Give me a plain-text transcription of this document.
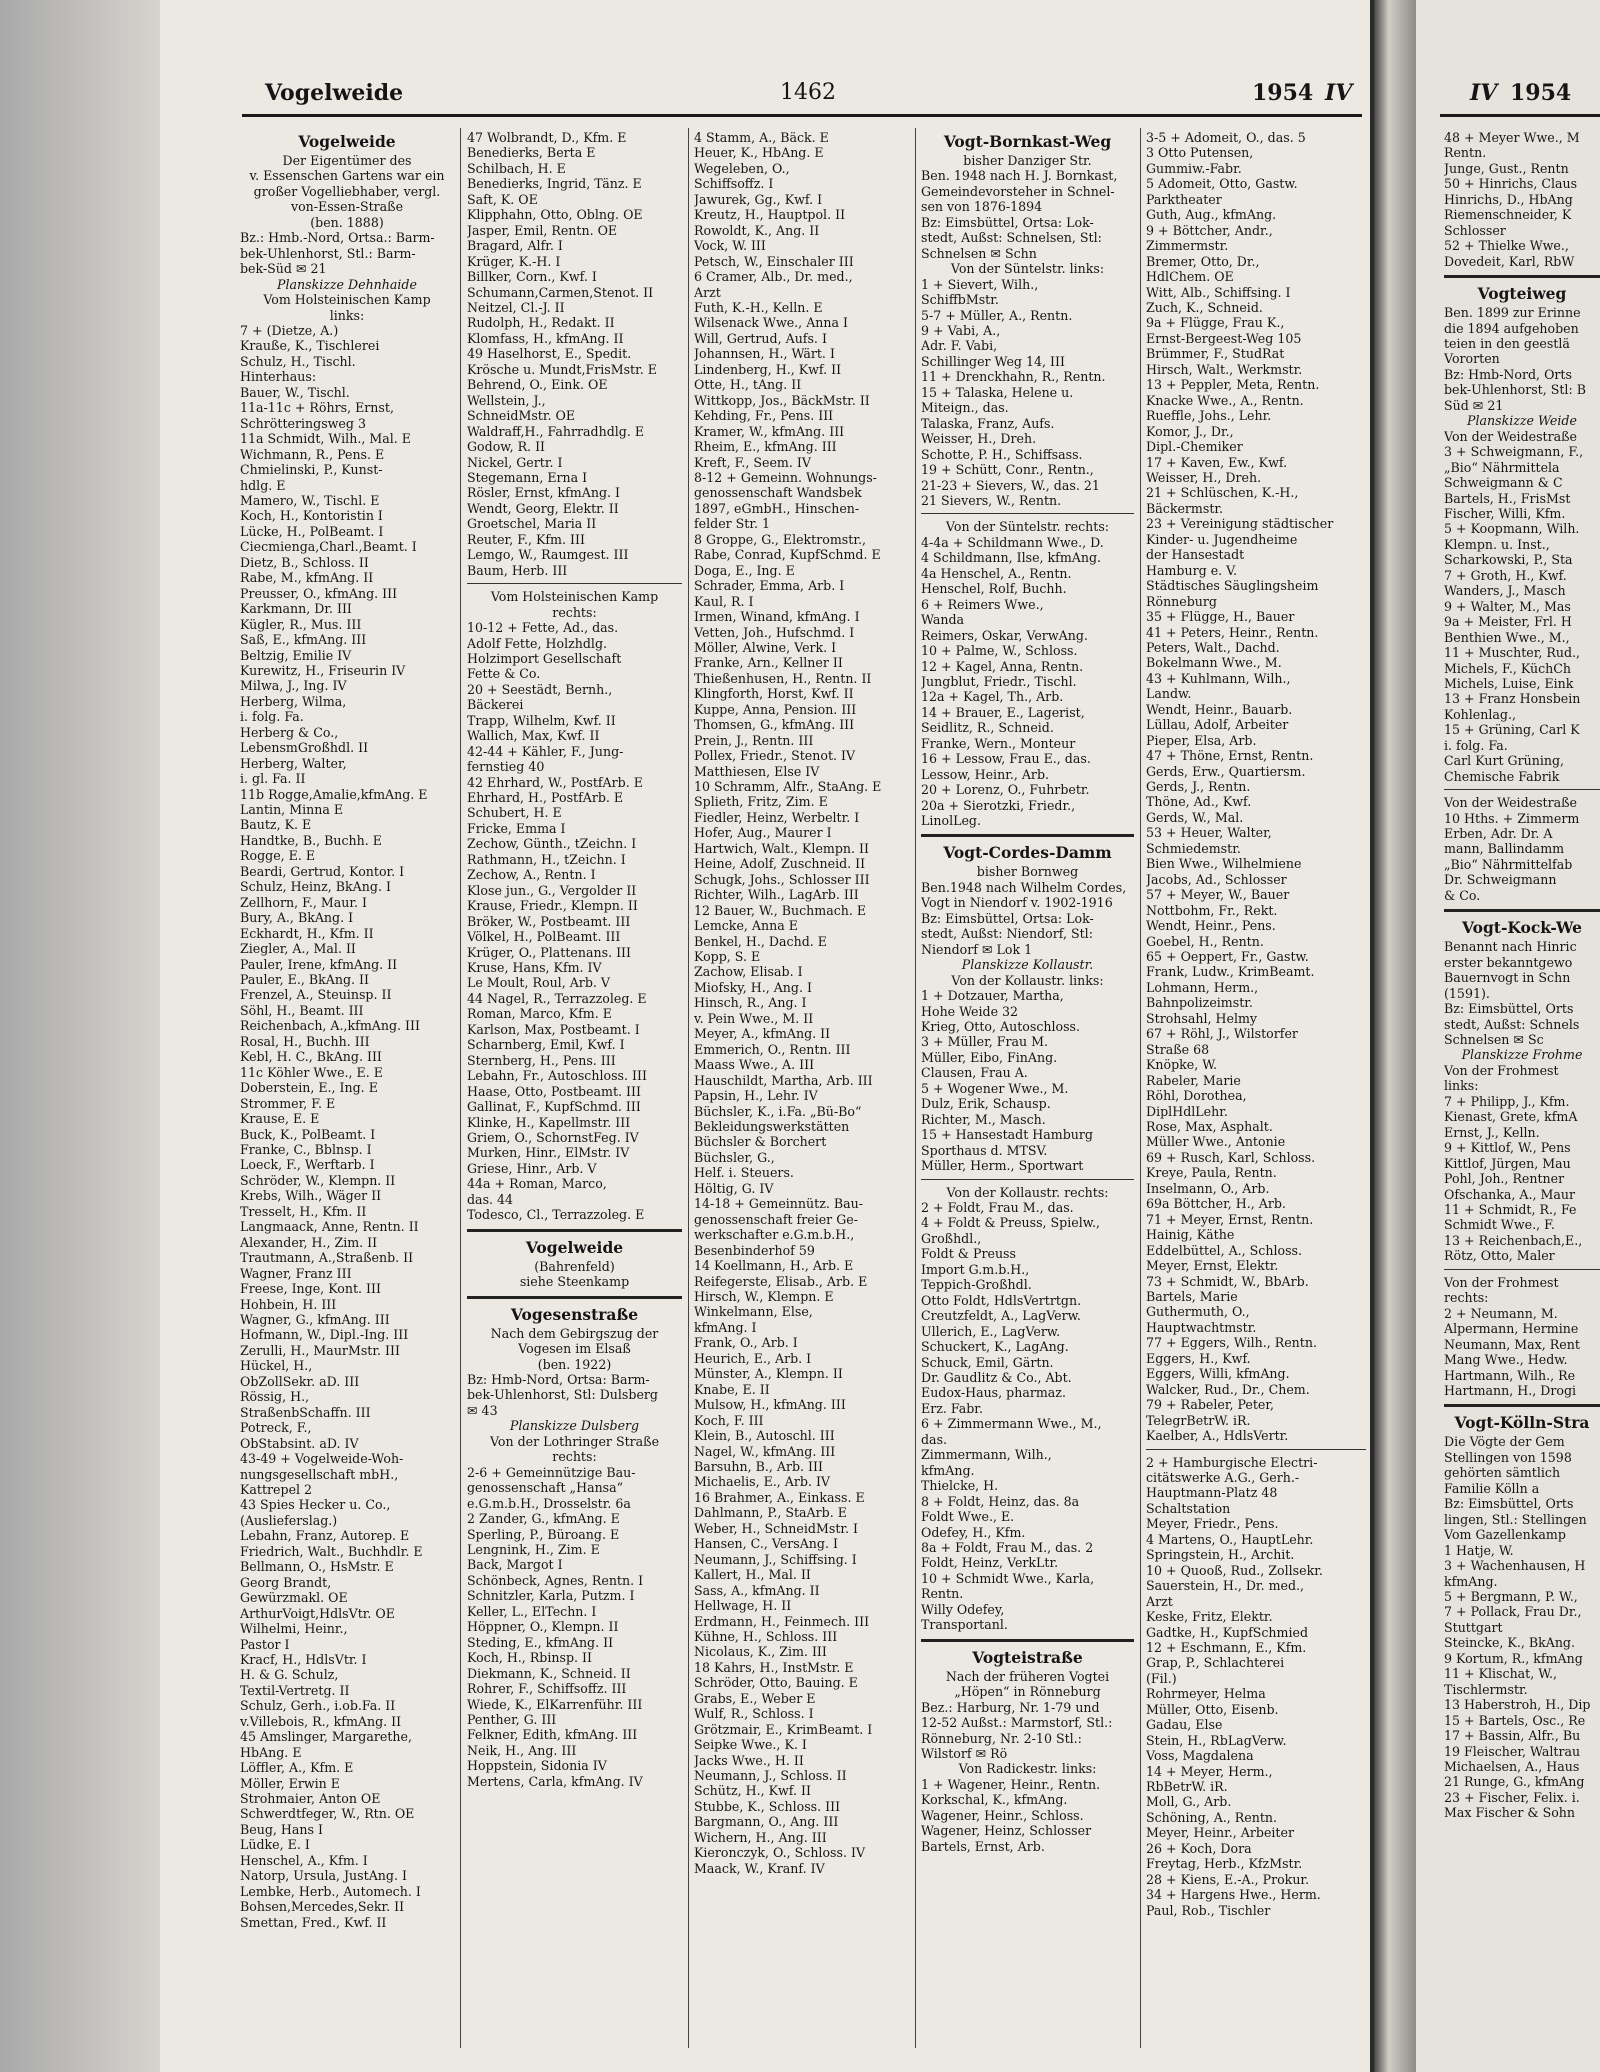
Vogelweide	1462	1954 IV	IV 1954
Vogelweide
Der Eigentümer des
v. Essenschen Gartens war ein
großer Vogelliebhaber, vergl.
von-Essen-Straße
(ben. 1888)
Bz.: Hmb.-Nord, Ortsa.: Barm-
bek-Uhlenhorst, Stl.: Barm-
bek-Süd ✉ 21
Planskizze Dehnhaide
Vom Holsteinischen Kamp
links:
7 + (Dietze, A.)
Krauße, K., Tischlerei
Schulz, H., Tischl.
Hinterhaus:
Bauer, W., Tischl.
11a-11c + Röhrs, Ernst,
Schrötteringsweg 3
11a Schmidt, Wilh., Mal. E
Wichmann, R., Pens. E
Chmielinski, P., Kunst-
hdlg. E
Mamero, W., Tischl. E
Koch, H., Kontoristin I
Lücke, H., PolBeamt. I
Ciecmienga,Charl.,Beamt. I
Dietz, B., Schloss. II
Rabe, M., kfmAng. II
Preusser, O., kfmAng. III
Karkmann, Dr. III
Kügler, R., Mus. III
Saß, E., kfmAng. III
Beltzig, Emilie IV
Kurewitz, H., Friseurin IV
Milwa, J., Ing. IV
Herberg, Wilma,
i. folg. Fa.
Herberg & Co.,
LebensmGroßhdl. II
Herberg, Walter,
i. gl. Fa. II
11b Rogge,Amalie,kfmAng. E
Lantin, Minna E
Bautz, K. E
Handtke, B., Buchh. E
Rogge, E. E
Beardi, Gertrud, Kontor. I
Schulz, Heinz, BkAng. I
Zellhorn, F., Maur. I
Bury, A., BkAng. I
Eckhardt, H., Kfm. II
Ziegler, A., Mal. II
Pauler, Irene, kfmAng. II
Pauler, E., BkAng. II
Frenzel, A., Steuinsp. II
Söhl, H., Beamt. III
Reichenbach, A.,kfmAng. III
Rosal, H., Buchh. III
Kebl, H. C., BkAng. III
11c Köhler Wwe., E. E
Doberstein, E., Ing. E
Strommer, F. E
Krause, E. E
Buck, K., PolBeamt. I
Franke, C., Bblnsp. I
Loeck, F., Werftarb. I
Schröder, W., Klempn. II
Krebs, Wilh., Wäger II
Tresselt, H., Kfm. II
Langmaack, Anne, Rentn. II
Alexander, H., Zim. II
Trautmann, A.,Straßenb. II
Wagner, Franz III
Freese, Inge, Kont. III
Hohbein, H. III
Wagner, G., kfmAng. III
Hofmann, W., Dipl.-Ing. III
Zerulli, H., MaurMstr. III
Hückel, H.,
ObZollSekr. aD. III
Rössig, H.,
StraßenbSchaffn. III
Potreck, F.,
ObStabsint. aD. IV
43-49 + Vogelweide-Woh-
nungsgesellschaft mbH.,
Kattrepel 2
43 Spies Hecker u. Co.,
(Auslieferslag.)
Lebahn, Franz, Autorep. E
Friedrich, Walt., Buchhdlr. E
Bellmann, O., HsMstr. E
Georg Brandt,
Gewürzmakl. OE
ArthurVoigt,HdlsVtr. OE
Wilhelmi, Heinr.,
Pastor I
Kracf, H., HdlsVtr. I
H. & G. Schulz,
Textil-Vertretg. II
Schulz, Gerh., i.ob.Fa. II
v.Villebois, R., kfmAng. II
45 Amslinger, Margarethe,
HbAng. E
Löffler, A., Kfm. E
Möller, Erwin E
Strohmaier, Anton OE
Schwerdtfeger, W., Rtn. OE
Beug, Hans I
Lüdke, E. I
Henschel, A., Kfm. I
Natorp, Ursula, JustAng. I
Lembke, Herb., Automech. I
Bohsen,Mercedes,Sekr. II
Smettan, Fred., Kwf. II
47 Wolbrandt, D., Kfm. E
Benedierks, Berta E
Schilbach, H. E
Benedierks, Ingrid, Tänz. E
Saft, K. OE
Klipphahn, Otto, Oblng. OE
Jasper, Emil, Rentn. OE
Bragard, Alfr. I
Krüger, K.-H. I
Billker, Corn., Kwf. I
Schumann,Carmen,Stenot. II
Neitzel, Cl.-J. II
Rudolph, H., Redakt. II
Klomfass, H., kfmAng. II
49 Haselhorst, E., Spedit.
Krösche u. Mundt,FrisMstr. E
Behrend, O., Eink. OE
Wellstein, J.,
SchneidMstr. OE
Waldraff,H., Fahrradhdlg. E
Godow, R. II
Nickel, Gertr. I
Stegemann, Erna I
Rösler, Ernst, kfmAng. I
Wendt, Georg, Elektr. II
Groetschel, Maria II
Reuter, F., Kfm. III
Lemgo, W., Raumgest. III
Baum, Herb. III
Vom Holsteinischen Kamp
rechts:
10-12 + Fette, Ad., das.
Adolf Fette, Holzhdlg.
Holzimport Gesellschaft
Fette & Co.
20 + Seestädt, Bernh.,
Bäckerei
Trapp, Wilhelm, Kwf. II
Wallich, Max, Kwf. II
42-44 + Kähler, F., Jung-
fernstieg 40
42 Ehrhard, W., PostfArb. E
Ehrhard, H., PostfArb. E
Schubert, H. E
Fricke, Emma I
Zechow, Günth., tZeichn. I
Rathmann, H., tZeichn. I
Zechow, A., Rentn. I
Klose jun., G., Vergolder II
Krause, Friedr., Klempn. II
Bröker, W., Postbeamt. III
Völkel, H., PolBeamt. III
Krüger, O., Plattenans. III
Kruse, Hans, Kfm. IV
Le Moult, Roul, Arb. V
44 Nagel, R., Terrazzoleg. E
Roman, Marco, Kfm. E
Karlson, Max, Postbeamt. I
Scharnberg, Emil, Kwf. I
Sternberg, H., Pens. III
Lebahn, Fr., Autoschloss. III
Haase, Otto, Postbeamt. III
Gallinat, F., KupfSchmd. III
Klinke, H., Kapellmstr. III
Griem, O., SchornstFeg. IV
Murken, Hinr., ElMstr. IV
Griese, Hinr., Arb. V
44a + Roman, Marco,
das. 44
Todesco, Cl., Terrazzoleg. E
Vogelweide
(Bahrenfeld)
siehe Steenkamp
Vogesenstraße
Nach dem Gebirgszug der
Vogesen im Elsaß
(ben. 1922)
Bz: Hmb-Nord, Ortsa: Barm-
bek-Uhlenhorst, Stl: Dulsberg
✉ 43
Planskizze Dulsberg
Von der Lothringer Straße
rechts:
2-6 + Gemeinnützige Bau-
genossenschaft „Hansa“
e.G.m.b.H., Drosselstr. 6a
2 Zander, G., kfmAng. E
Sperling, P., Büroang. E
Lengnink, H., Zim. E
Back, Margot I
Schönbeck, Agnes, Rentn. I
Schnitzler, Karla, Putzm. I
Keller, L., ElTechn. I
Höppner, O., Klempn. II
Steding, E., kfmAng. II
Koch, H., Rbinsp. II
Diekmann, K., Schneid. II
Rohrer, F., Schiffsoffz. III
Wiede, K., ElKarrenführ. III
Penther, G. III
Felkner, Edith, kfmAng. III
Neik, H., Ang. III
Hoppstein, Sidonia IV
Mertens, Carla, kfmAng. IV
4 Stamm, A., Bäck. E
Heuer, K., HbAng. E
Wegeleben, O.,
Schiffsoffz. I
Jawurek, Gg., Kwf. I
Kreutz, H., Hauptpol. II
Rowoldt, K., Ang. II
Vock, W. III
Petsch, W., Einschaler III
6 Cramer, Alb., Dr. med.,
Arzt
Futh, K.-H., Kelln. E
Wilsenack Wwe., Anna I
Will, Gertrud, Aufs. I
Johannsen, H., Wärt. I
Lindenberg, H., Kwf. II
Otte, H., tAng. II
Wittkopp, Jos., BäckMstr. II
Kehding, Fr., Pens. III
Kramer, W., kfmAng. III
Rheim, E., kfmAng. III
Kreft, F., Seem. IV
8-12 + Gemeinn. Wohnungs-
genossenschaft Wandsbek
1897, eGmbH., Hinschen-
felder Str. 1
8 Groppe, G., Elektromstr.,
Rabe, Conrad, KupfSchmd. E
Doga, E., Ing. E
Schrader, Emma, Arb. I
Kaul, R. I
Irmen, Winand, kfmAng. I
Vetten, Joh., Hufschmd. I
Möller, Alwine, Verk. I
Franke, Arn., Kellner II
Thießenhusen, H., Rentn. II
Klingforth, Horst, Kwf. II
Kuppe, Anna, Pension. III
Thomsen, G., kfmAng. III
Prein, J., Rentn. III
Pollex, Friedr., Stenot. IV
Matthiesen, Else IV
10 Schramm, Alfr., StaAng. E
Splieth, Fritz, Zim. E
Fiedler, Heinz, Werbeltr. I
Hofer, Aug., Maurer I
Hartwich, Walt., Klempn. II
Heine, Adolf, Zuschneid. II
Schugk, Johs., Schlosser III
Richter, Wilh., LagArb. III
12 Bauer, W., Buchmach. E
Lemcke, Anna E
Benkel, H., Dachd. E
Kopp, S. E
Zachow, Elisab. I
Miofsky, H., Ang. I
Hinsch, R., Ang. I
v. Pein Wwe., M. II
Meyer, A., kfmAng. II
Emmerich, O., Rentn. III
Maass Wwe., A. III
Hauschildt, Martha, Arb. III
Papsin, H., Lehr. IV
Büchsler, K., i.Fa. „Bü-Bo“
Bekleidungswerkstätten
Büchsler & Borchert
Büchsler, G.,
Helf. i. Steuers.
Höltig, G. IV
14-18 + Gemeinnütz. Bau-
genossenschaft freier Ge-
werkschafter e.G.m.b.H.,
Besenbinderhof 59
14 Koellmann, H., Arb. E
Reifegerste, Elisab., Arb. E
Hirsch, W., Klempn. E
Winkelmann, Else,
kfmAng. I
Frank, O., Arb. I
Heurich, E., Arb. I
Münster, A., Klempn. II
Knabe, E. II
Mulsow, H., kfmAng. III
Koch, F. III
Klein, B., Autoschl. III
Nagel, W., kfmAng. III
Barsuhn, B., Arb. III
Michaelis, E., Arb. IV
16 Brahmer, A., Einkass. E
Dahlmann, P., StaArb. E
Weber, H., SchneidMstr. I
Hansen, C., VersAng. I
Neumann, J., Schiffsing. I
Kallert, H., Mal. II
Sass, A., kfmAng. II
Hellwage, H. II
Erdmann, H., Feinmech. III
Kühne, H., Schloss. III
Nicolaus, K., Zim. III
18 Kahrs, H., InstMstr. E
Schröder, Otto, Bauing. E
Grabs, E., Weber E
Wulf, R., Schloss. I
Grötzmair, E., KrimBeamt. I
Seipke Wwe., K. I
Jacks Wwe., H. II
Neumann, J., Schloss. II
Schütz, H., Kwf. II
Stubbe, K., Schloss. III
Bargmann, O., Ang. III
Wichern, H., Ang. III
Kieronczyk, O., Schloss. IV
Maack, W., Kranf. IV
Vogt-Bornkast-Weg
bisher Danziger Str.
Ben. 1948 nach H. J. Bornkast,
Gemeindevorsteher in Schnel-
sen von 1876-1894
Bz: Eimsbüttel, Ortsa: Lok-
stedt, Außst: Schnelsen, Stl:
Schnelsen ✉ Schn
Von der Süntelstr. links:
1 + Sievert, Wilh.,
SchiffbMstr.
5-7 + Müller, A., Rentn.
9 + Vabi, A.,
Adr. F. Vabi,
Schillinger Weg 14, III
11 + Drenckhahn, R., Rentn.
15 + Talaska, Helene u.
Miteign., das.
Talaska, Franz, Aufs.
Weisser, H., Dreh.
Schotte, P. H., Schiffsass.
19 + Schütt, Conr., Rentn.,
21-23 + Sievers, W., das. 21
21 Sievers, W., Rentn.
Von der Süntelstr. rechts:
4-4a + Schildmann Wwe., D.
4 Schildmann, Ilse, kfmAng.
4a Henschel, A., Rentn.
Henschel, Rolf, Buchh.
6 + Reimers Wwe.,
Wanda
Reimers, Oskar, VerwAng.
10 + Palme, W., Schloss.
12 + Kagel, Anna, Rentn.
Jungblut, Friedr., Tischl.
12a + Kagel, Th., Arb.
14 + Brauer, E., Lagerist,
Seidlitz, R., Schneid.
Franke, Wern., Monteur
16 + Lessow, Frau E., das.
Lessow, Heinr., Arb.
20 + Lorenz, O., Fuhrbetr.
20a + Sierotzki, Friedr.,
LinolLeg.
Vogt-Cordes-Damm
bisher Bornweg
Ben.1948 nach Wilhelm Cordes,
Vogt in Niendorf v. 1902-1916
Bz: Eimsbüttel, Ortsa: Lok-
stedt, Außst: Niendorf, Stl:
Niendorf ✉ Lok 1
Planskizze Kollaustr.
Von der Kollaustr. links:
1 + Dotzauer, Martha,
Hohe Weide 32
Krieg, Otto, Autoschloss.
3 + Müller, Frau M.
Müller, Eibo, FinAng.
Clausen, Frau A.
5 + Wogener Wwe., M.
Dulz, Erik, Schausp.
Richter, M., Masch.
15 + Hansestadt Hamburg
Sporthaus d. MTSV.
Müller, Herm., Sportwart
Von der Kollaustr. rechts:
2 + Foldt, Frau M., das.
4 + Foldt & Preuss, Spielw.,
Großhdl.,
Foldt & Preuss
Import G.m.b.H.,
Teppich-Großhdl.
Otto Foldt, HdlsVertrtgn.
Creutzfeldt, A., LagVerw.
Ullerich, E., LagVerw.
Schuckert, K., LagAng.
Schuck, Emil, Gärtn.
Dr. Gaudlitz & Co., Abt.
Eudox-Haus, pharmaz.
Erz. Fabr.
6 + Zimmermann Wwe., M.,
das.
Zimmermann, Wilh.,
kfmAng.
Thielcke, H.
8 + Foldt, Heinz, das. 8a
Foldt Wwe., E.
Odefey, H., Kfm.
8a + Foldt, Frau M., das. 2
Foldt, Heinz, VerkLtr.
10 + Schmidt Wwe., Karla,
Rentn.
Willy Odefey,
Transportanl.
Vogteistraße
Nach der früheren Vogtei
„Höpen“ in Rönneburg
Bez.: Harburg, Nr. 1-79 und
12-52 Außst.: Marmstorf, Stl.:
Rönneburg, Nr. 2-10 Stl.:
Wilstorf ✉ Rö
Von Radickestr. links:
1 + Wagener, Heinr., Rentn.
Korkschal, K., kfmAng.
Wagener, Heinr., Schloss.
Wagener, Heinz, Schlosser
Bartels, Ernst, Arb.
3-5 + Adomeit, O., das. 5
3 Otto Putensen,
Gummiw.-Fabr.
5 Adomeit, Otto, Gastw.
Parktheater
Guth, Aug., kfmAng.
9 + Böttcher, Andr.,
Zimmermstr.
Bremer, Otto, Dr.,
HdlChem. OE
Witt, Alb., Schiffsing. I
Zuch, K., Schneid.
9a + Flügge, Frau K.,
Ernst-Bergeest-Weg 105
Brümmer, F., StudRat
Hirsch, Walt., Werkmstr.
13 + Peppler, Meta, Rentn.
Knacke Wwe., A., Rentn.
Rueffle, Johs., Lehr.
Komor, J., Dr.,
Dipl.-Chemiker
17 + Kaven, Ew., Kwf.
Weisser, H., Dreh.
21 + Schlüschen, K.-H.,
Bäckermstr.
23 + Vereinigung städtischer
Kinder- u. Jugendheime
der Hansestadt
Hamburg e. V.
Städtisches Säuglingsheim
Rönneburg
35 + Flügge, H., Bauer
41 + Peters, Heinr., Rentn.
Peters, Walt., Dachd.
Bokelmann Wwe., M.
43 + Kuhlmann, Wilh.,
Landw.
Wendt, Heinr., Bauarb.
Lüllau, Adolf, Arbeiter
Pieper, Elsa, Arb.
47 + Thöne, Ernst, Rentn.
Gerds, Erw., Quartiersm.
Gerds, J., Rentn.
Thöne, Ad., Kwf.
Gerds, W., Mal.
53 + Heuer, Walter,
Schmiedemstr.
Bien Wwe., Wilhelmiene
Jacobs, Ad., Schlosser
57 + Meyer, W., Bauer
Nottbohm, Fr., Rekt.
Wendt, Heinr., Pens.
Goebel, H., Rentn.
65 + Oeppert, Fr., Gastw.
Frank, Ludw., KrimBeamt.
Lohmann, Herm.,
Bahnpolizeimstr.
Strohsahl, Helmy
67 + Röhl, J., Wilstorfer
Straße 68
Knöpke, W.
Rabeler, Marie
Röhl, Dorothea,
DiplHdlLehr.
Rose, Max, Asphalt.
Müller Wwe., Antonie
69 + Rusch, Karl, Schloss.
Kreye, Paula, Rentn.
Inselmann, O., Arb.
69a Böttcher, H., Arb.
71 + Meyer, Ernst, Rentn.
Hainig, Käthe
Eddelbüttel, A., Schloss.
Meyer, Ernst, Elektr.
73 + Schmidt, W., BbArb.
Bartels, Marie
Guthermuth, O.,
Hauptwachtmstr.
77 + Eggers, Wilh., Rentn.
Eggers, H., Kwf.
Eggers, Willi, kfmAng.
Walcker, Rud., Dr., Chem.
79 + Rabeler, Peter,
TelegrBetrW. iR.
Kaelber, A., HdlsVertr.
2 + Hamburgische Electri-
citätswerke A.G., Gerh.-
Hauptmann-Platz 48
Schaltstation
Meyer, Friedr., Pens.
4 Martens, O., HauptLehr.
Springstein, H., Archit.
10 + Quooß, Rud., Zollsekr.
Sauerstein, H., Dr. med.,
Arzt
Keske, Fritz, Elektr.
Gadtke, H., KupfSchmied
12 + Eschmann, E., Kfm.
Grap, P., Schlachterei
(Fil.)
Rohrmeyer, Helma
Müller, Otto, Eisenb.
Gadau, Else
Stein, H., RbLagVerw.
Voss, Magdalena
14 + Meyer, Herm.,
RbBetrW. iR.
Moll, G., Arb.
Schöning, A., Rentn.
Meyer, Heinr., Arbeiter
26 + Koch, Dora
Freytag, Herb., KfzMstr.
28 + Kiens, E.-A., Prokur.
34 + Hargens Hwe., Herm.
Paul, Rob., Tischler
48 + Meyer Wwe., M
Rentn.
Junge, Gust., Rentn
50 + Hinrichs, Claus
Hinrichs, D., HbAng
Riemenschneider, K
Schlosser
52 + Thielke Wwe.,
Dovedeit, Karl, RbW
Vogteiweg
Ben. 1899 zur Erinne
die 1894 aufgehoben
teien in den geestlä
Vororten
Bz: Hmb-Nord, Orts
bek-Uhlenhorst, Stl: B
Süd ✉ 21
Planskizze Weide
Von der Weidestraße
3 + Schweigmann, F.,
„Bio“ Nährmittela
Schweigmann & C
Bartels, H., FrisMst
Fischer, Willi, Kfm.
5 + Koopmann, Wilh.
Klempn. u. Inst.,
Scharkowski, P., Sta
7 + Groth, H., Kwf.
Wanders, J., Masch
9 + Walter, M., Mas
9a + Meister, Frl. H
Benthien Wwe., M.,
11 + Muschter, Rud.,
Michels, F., KüchCh
Michels, Luise, Eink
13 + Franz Honsbein
Kohlenlag.,
15 + Grüning, Carl K
i. folg. Fa.
Carl Kurt Grüning,
Chemische Fabrik
Von der Weidestraße
10 Hths. + Zimmerm
Erben, Adr. Dr. A
mann, Ballindamm
„Bio“ Nährmittelfab
Dr. Schweigmann
& Co.
Vogt-Kock-We
Benannt nach Hinric
erster bekanntgewo
Bauernvogt in Schn
(1591).
Bz: Eimsbüttel, Orts
stedt, Außst: Schnels
Schnelsen ✉ Sc
Planskizze Frohme
Von der Frohmest
links:
7 + Philipp, J., Kfm.
Kienast, Grete, kfmA
Ernst, J., Kelln.
9 + Kittlof, W., Pens
Kittlof, Jürgen, Mau
Pohl, Joh., Rentner
Ofschanka, A., Maur
11 + Schmidt, R., Fe
Schmidt Wwe., F.
13 + Reichenbach,E.,
Rötz, Otto, Maler
Von der Frohmest
rechts:
2 + Neumann, M.
Alpermann, Hermine
Neumann, Max, Rent
Mang Wwe., Hedw.
Hartmann, Wilh., Re
Hartmann, H., Drogi
Vogt-Kölln-Stra
Die Vögte der Gem
Stellingen von 1598
gehörten sämtlich
Familie Kölln a
Bz: Eimsbüttel, Orts
lingen, Stl.: Stellingen
Vom Gazellenkamp
1 Hatje, W.
3 + Wachenhausen, H
kfmAng.
5 + Bergmann, P. W.,
7 + Pollack, Frau Dr.,
Stuttgart
Steincke, K., BkAng.
9 Kortum, R., kfmAng
11 + Klischat, W.,
Tischlermstr.
13 Haberstroh, H., Dip
15 + Bartels, Osc., Re
17 + Bassin, Alfr., Bu
19 Fleischer, Waltrau
Michaelsen, A., Haus
21 Runge, G., kfmAng
23 + Fischer, Felix. i.
Max Fischer & Sohn
